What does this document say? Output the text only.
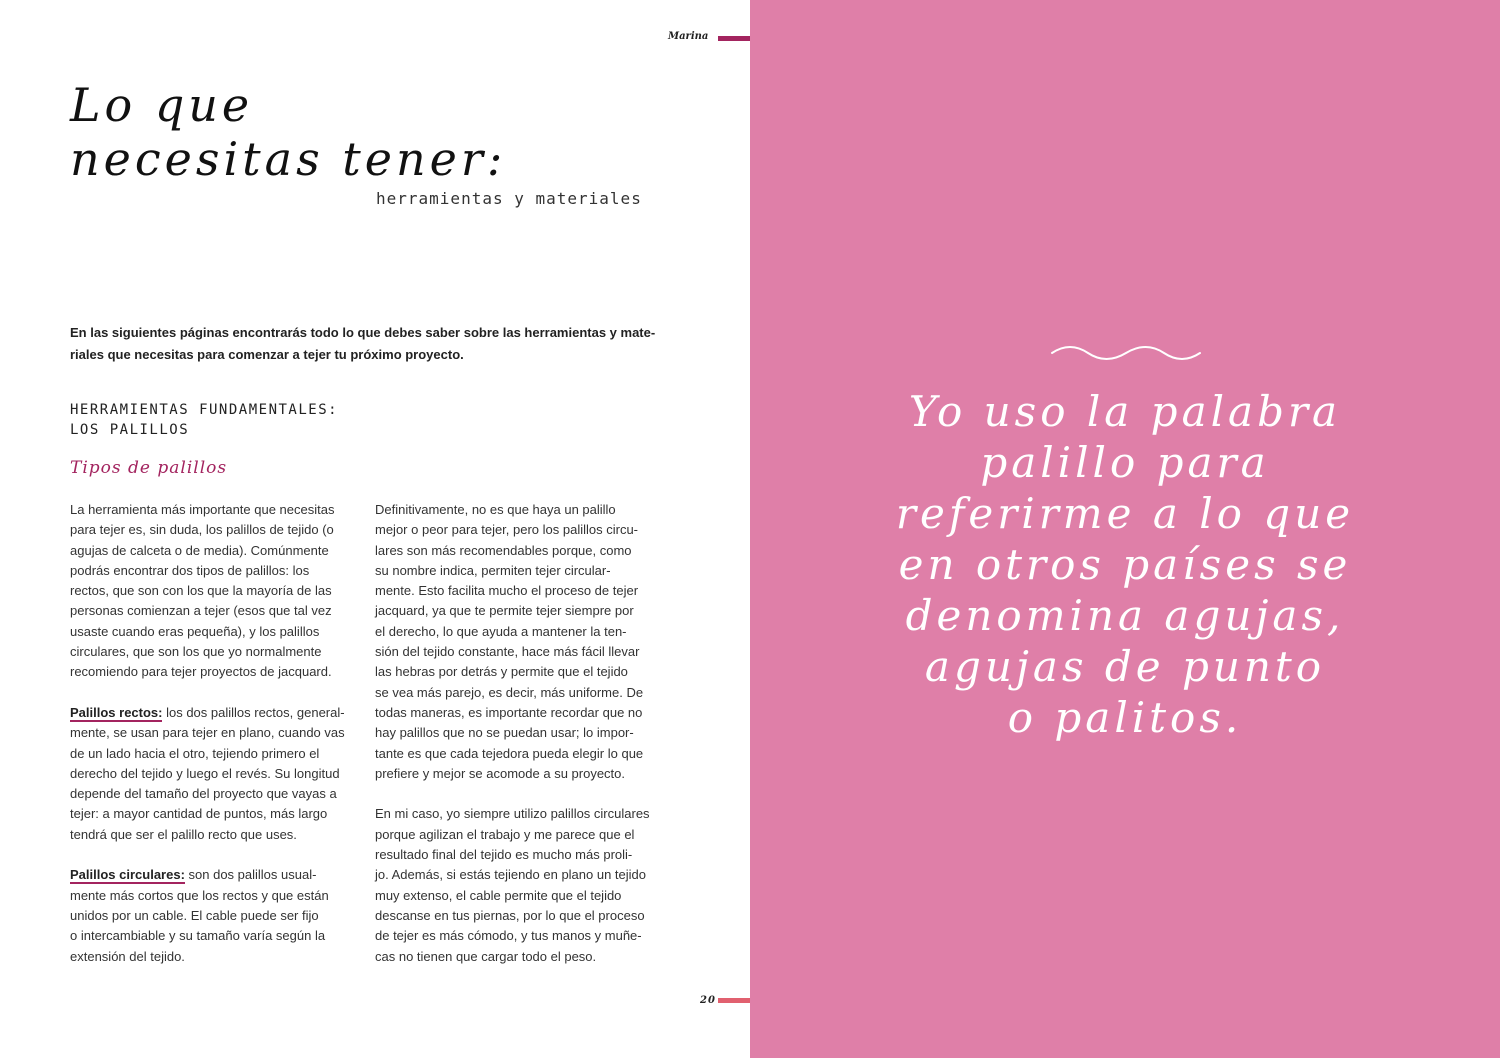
Marina
Lo que
necesitas tener:
herramientas y materiales

En las siguientes páginas encontrarás todo lo que debes saber sobre las herramientas y mate-
riales que necesitas para comenzar a tejer tu próximo proyecto.

HERRAMIENTAS FUNDAMENTALES:
LOS PALILLOS
Tipos de palillos
La herramienta más importante que necesitas
para tejer es, sin duda, los palillos de tejido (o
agujas de calceta o de media). Comúnmente
podrás encontrar dos tipos de palillos: los
rectos, que son con los que la mayoría de las
personas comienzan a tejer (esos que tal vez
usaste cuando eras pequeña), y los palillos
circulares, que son los que yo normalmente
recomiendo para tejer proyectos de jacquard.
Palillos rectos: los dos palillos rectos, general-
mente, se usan para tejer en plano, cuando vas
de un lado hacia el otro, tejiendo primero el
derecho del tejido y luego el revés. Su longitud
depende del tamaño del proyecto que vayas a
tejer: a mayor cantidad de puntos, más largo
tendrá que ser el palillo recto que uses.
Palillos circulares: son dos palillos usual-
mente más cortos que los rectos y que están
unidos por un cable. El cable puede ser fijo
o intercambiable y su tamaño varía según la
extensión del tejido.
Definitivamente, no es que haya un palillo
mejor o peor para tejer, pero los palillos circu-
lares son más recomendables porque, como
su nombre indica, permiten tejer circular-
mente. Esto facilita mucho el proceso de tejer
jacquard, ya que te permite tejer siempre por
el derecho, lo que ayuda a mantener la ten-
sión del tejido constante, hace más fácil llevar
las hebras por detrás y permite que el tejido
se vea más parejo, es decir, más uniforme. De
todas maneras, es importante recordar que no
hay palillos que no se puedan usar; lo impor-
tante es que cada tejedora pueda elegir lo que
prefiere y mejor se acomode a su proyecto.
En mi caso, yo siempre utilizo palillos circulares
porque agilizan el trabajo y me parece que el
resultado final del tejido es mucho más proli-
jo. Además, si estás tejiendo en plano un tejido
muy extenso, el cable permite que el tejido
descanse en tus piernas, por lo que el proceso
de tejer es más cómodo, y tus manos y muñe-
cas no tienen que cargar todo el peso.
20
Yo uso la palabra
palillo para
referirme a lo que
en otros países se
denomina agujas,
agujas de punto
o palitos.
